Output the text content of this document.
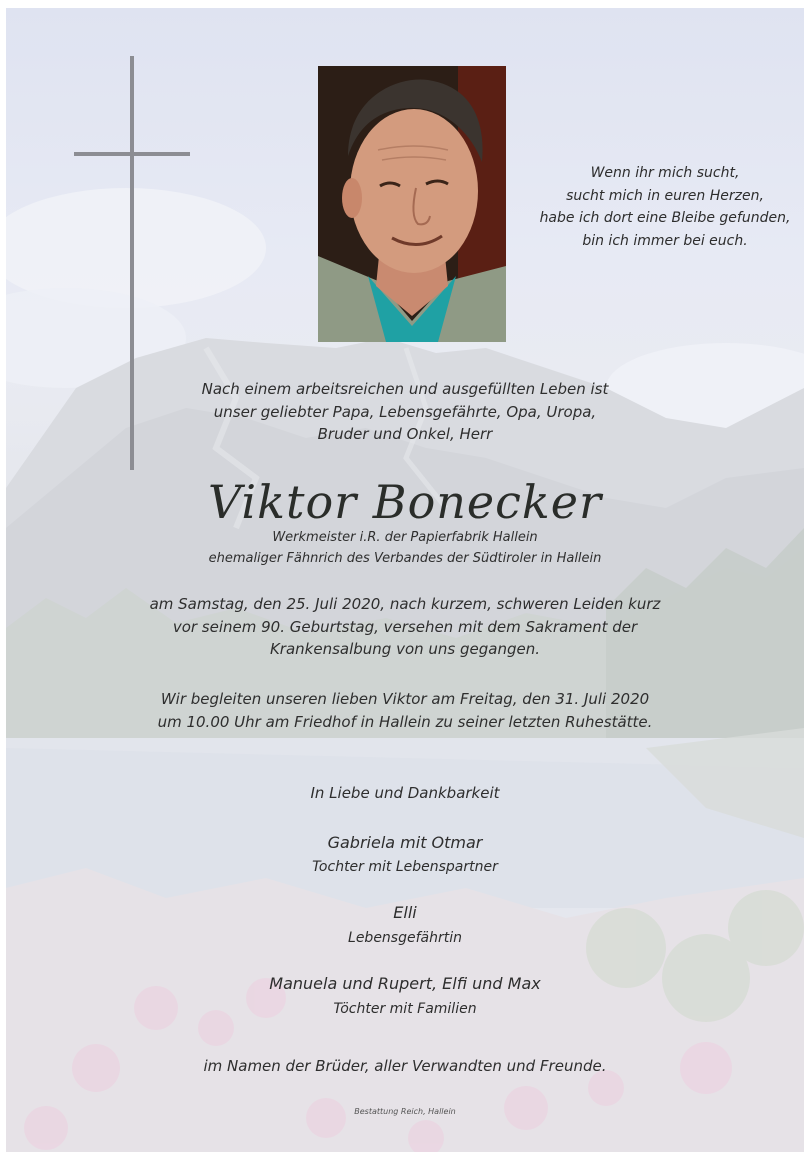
Wenn ihr mich sucht,
sucht mich in euren Herzen,
habe ich dort eine Bleibe gefunden,
bin ich immer bei euch.
Nach einem arbeitsreichen und ausgefüllten Leben ist
unser geliebter Papa, Lebensgefährte, Opa, Uropa,
Bruder und Onkel, Herr
Viktor Bonecker
Werkmeister i.R. der Papierfabrik Hallein
ehemaliger Fähnrich des Verbandes der Südtiroler in Hallein
am Samstag, den 25. Juli 2020, nach kurzem, schweren Leiden kurz
vor seinem 90. Geburtstag, versehen mit dem Sakrament der
Krankensalbung von uns gegangen.
Wir begleiten unseren lieben Viktor am Freitag, den 31. Juli 2020
um 10.00 Uhr am Friedhof in Hallein zu seiner letzten Ruhestätte.
In Liebe und Dankbarkeit
Gabriela mit Otmar
Tochter mit Lebenspartner
Elli
Lebensgefährtin
Manuela und Rupert, Elfi und Max
Töchter mit Familien
im Namen der Brüder, aller Verwandten und Freunde.
Bestattung Reich, Hallein
